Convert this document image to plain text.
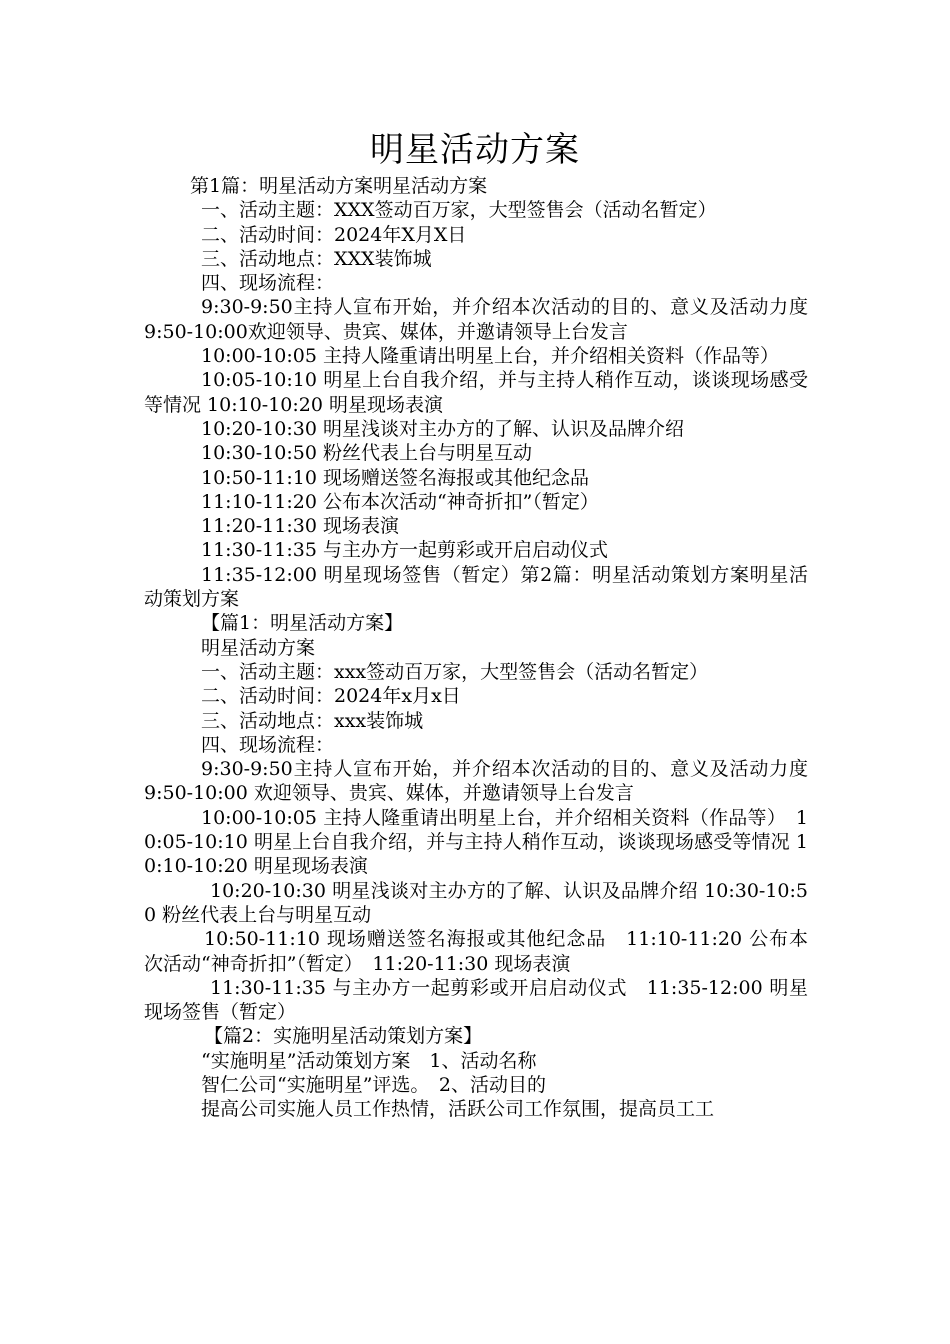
明星活动方案

第1篇：明星活动方案明星活动方案

一、活动主题：XXX签动百万家，大型签售会（活动名暂定）

二、活动时间：2024年X月X日

三、活动地点：XXX装饰城

四、现场流程：

9:30-9:50主持人宣布开始，并介绍本次活动的目的、意义及活动力度 9:50-10:00欢迎领导、贵宾、媒体，并邀请领导上台发言

10:00-10:05 主持人隆重请出明星上台，并介绍相关资料（作品等）

10:05-10:10 明星上台自我介绍，并与主持人稍作互动，谈谈现场感受等情况 10:10-10:20 明星现场表演

10:20-10:30 明星浅谈对主办方的了解、认识及品牌介绍

10:30-10:50 粉丝代表上台与明星互动

10:50-11:10 现场赠送签名海报或其他纪念品

11:10-11:20 公布本次活动“神奇折扣”（暂定）

11:20-11:30 现场表演

11:30-11:35 与主办方一起剪彩或开启启动仪式

11:35-12:00 明星现场签售（暂定）第2篇：明星活动策划方案明星活动策划方案

【篇1：明星活动方案】

明星活动方案

一、活动主题：xxx签动百万家，大型签售会（活动名暂定）

二、活动时间：2024年x月x日

三、活动地点：xxx装饰城

四、现场流程：

9:30-9:50主持人宣布开始，并介绍本次活动的目的、意义及活动力度 9:50-10:00 欢迎领导、贵宾、媒体，并邀请领导上台发言

10:00-10:05 主持人隆重请出明星上台，并介绍相关资料（作品等）　10:05-10:10 明星上台自我介绍，并与主持人稍作互动，谈谈现场感受等情况 10:10-10:20 明星现场表演

10:20-10:30 明星浅谈对主办方的了解、认识及品牌介绍 10:30-10:50 粉丝代表上台与明星互动

10:50-11:10 现场赠送签名海报或其他纪念品　11:10-11:20 公布本次活动“神奇折扣”（暂定）　11:20-11:30 现场表演

11:30-11:35 与主办方一起剪彩或开启启动仪式　11:35-12:00 明星现场签售（暂定）

【篇2：实施明星活动策划方案】

“实施明星”活动策划方案　1、活动名称

智仁公司“实施明星”评选。　2、活动目的

提高公司实施人员工作热情，活跃公司工作氛围，提高员工工
